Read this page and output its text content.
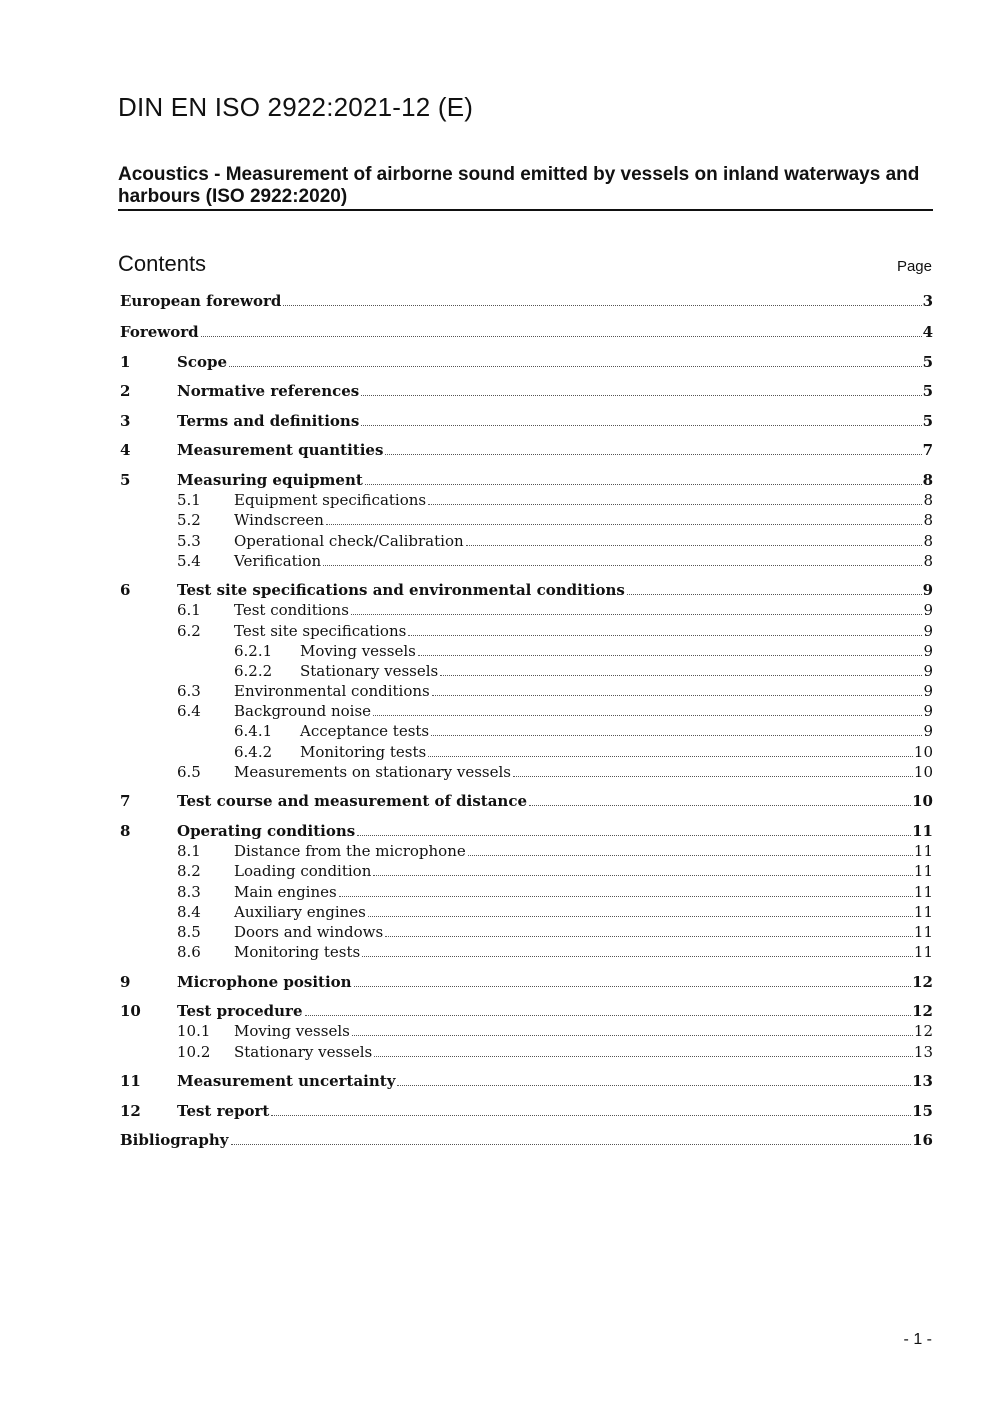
DIN EN ISO 2922:2021-12 (E)
Acoustics - Measurement of airborne sound emitted by vessels on inland waterways and harbours (ISO 2922:2020)
Contents	Page
European foreword	3
Foreword	4
1	Scope	5
2	Normative references	5
3	Terms and definitions	5
4	Measurement quantities	7
5	Measuring equipment	8
5.1	Equipment specifications	8
5.2	Windscreen	8
5.3	Operational check/Calibration	8
5.4	Verification	8
6	Test site specifications and environmental conditions	9
6.1	Test conditions	9
6.2	Test site specifications	9
6.2.1	Moving vessels	9
6.2.2	Stationary vessels	9
6.3	Environmental conditions	9
6.4	Background noise	9
6.4.1	Acceptance tests	9
6.4.2	Monitoring tests	10
6.5	Measurements on stationary vessels	10
7	Test course and measurement of distance	10
8	Operating conditions	11
8.1	Distance from the microphone	11
8.2	Loading condition	11
8.3	Main engines	11
8.4	Auxiliary engines	11
8.5	Doors and windows	11
8.6	Monitoring tests	11
9	Microphone position	12
10	Test procedure	12
10.1	Moving vessels	12
10.2	Stationary vessels	13
11	Measurement uncertainty	13
12	Test report	15
Bibliography	16
- 1 -
